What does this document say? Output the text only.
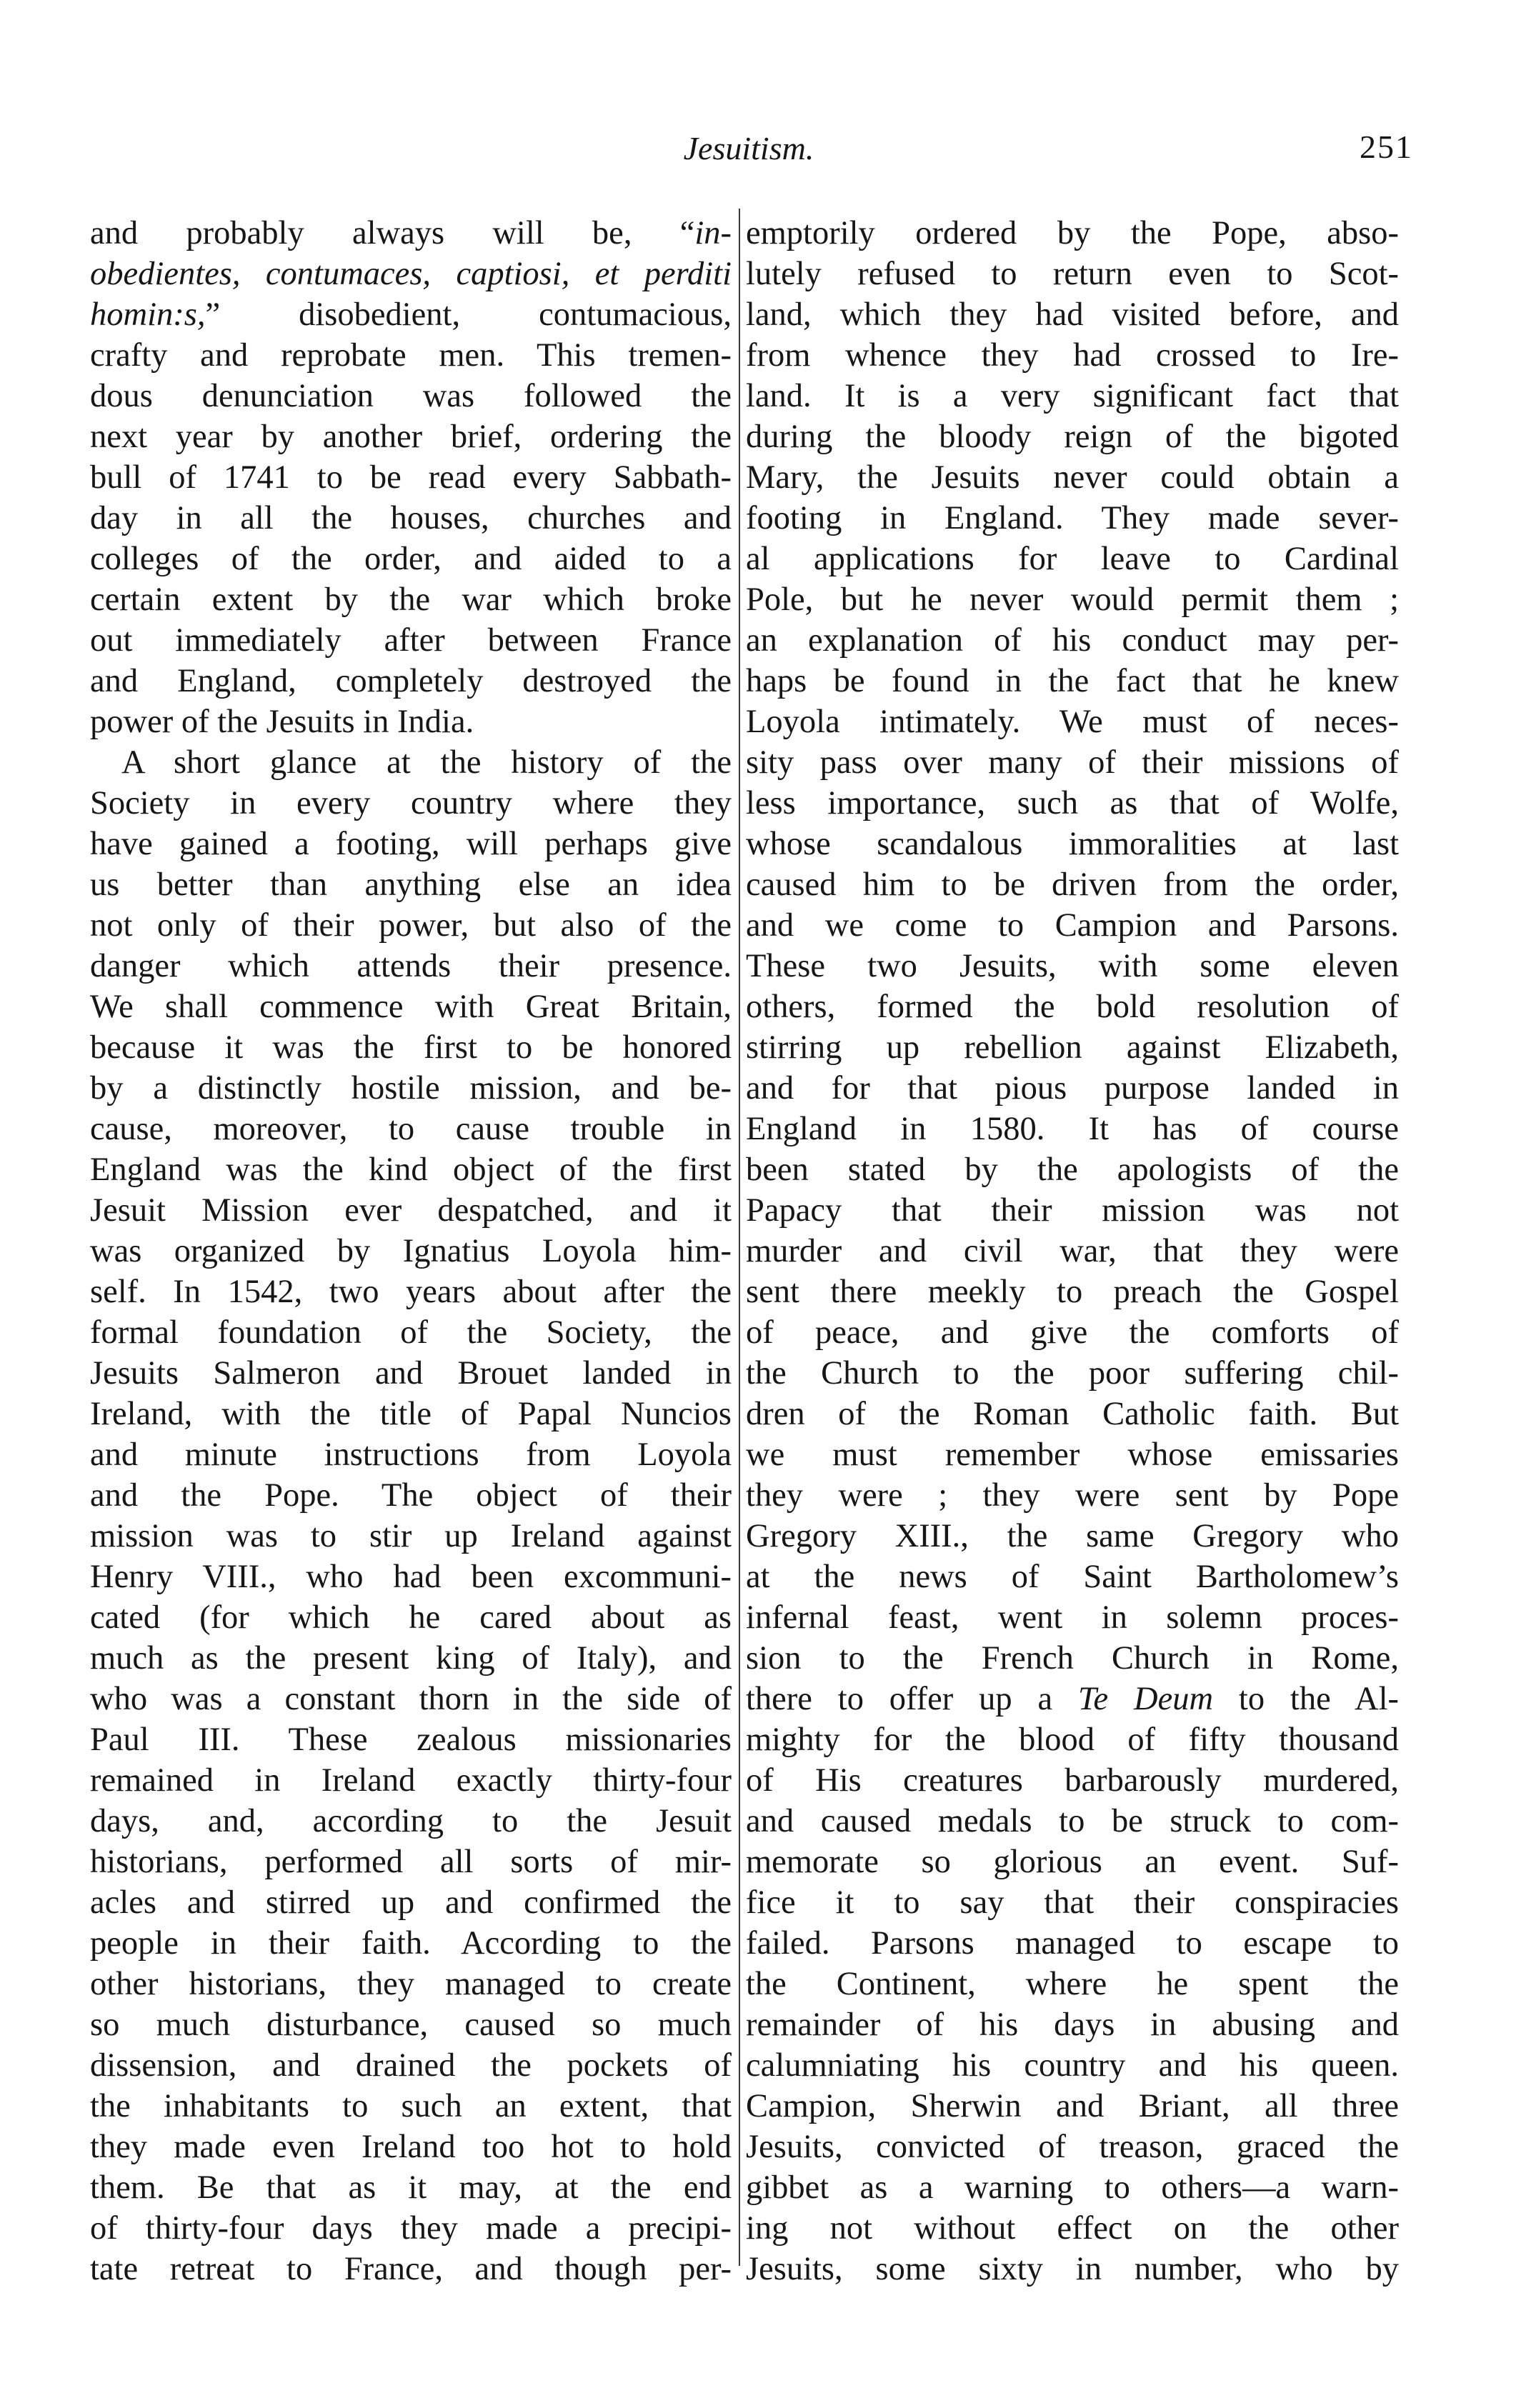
Jesuitism.	251
and probably always will be, “in-
obedientes, contumaces, captiosi, et perditi
homin:s,” disobedient, contumacious,
crafty and reprobate men. This tremen-
dous denunciation was followed the
next year by another brief, ordering the
bull of 1741 to be read every Sabbath-
day in all the houses, churches and
colleges of the order, and aided to a
certain extent by the war which broke
out immediately after between France
and England, completely destroyed the
power of the Jesuits in India.
A short glance at the history of the
Society in every country where they
have gained a footing, will perhaps give
us better than anything else an idea
not only of their power, but also of the
danger which attends their presence.
We shall commence with Great Britain,
because it was the first to be honored
by a distinctly hostile mission, and be-
cause, moreover, to cause trouble in
England was the kind object of the first
Jesuit Mission ever despatched, and it
was organized by Ignatius Loyola him-
self. In 1542, two years about after the
formal foundation of the Society, the
Jesuits Salmeron and Brouet landed in
Ireland, with the title of Papal Nuncios
and minute instructions from Loyola
and the Pope. The object of their
mission was to stir up Ireland against
Henry VIII., who had been excommuni-
cated (for which he cared about as
much as the present king of Italy), and
who was a constant thorn in the side of
Paul III. These zealous missionaries
remained in Ireland exactly thirty-four
days, and, according to the Jesuit
historians, performed all sorts of mir-
acles and stirred up and confirmed the
people in their faith. According to the
other historians, they managed to create
so much disturbance, caused so much
dissension, and drained the pockets of
the inhabitants to such an extent, that
they made even Ireland too hot to hold
them. Be that as it may, at the end
of thirty-four days they made a precipi-
tate retreat to France, and though per-
emptorily ordered by the Pope, abso-
lutely refused to return even to Scot-
land, which they had visited before, and
from whence they had crossed to Ire-
land. It is a very significant fact that
during the bloody reign of the bigoted
Mary, the Jesuits never could obtain a
footing in England. They made sever-
al applications for leave to Cardinal
Pole, but he never would permit them ;
an explanation of his conduct may per-
haps be found in the fact that he knew
Loyola intimately. We must of neces-
sity pass over many of their missions of
less importance, such as that of Wolfe,
whose scandalous immoralities at last
caused him to be driven from the order,
and we come to Campion and Parsons.
These two Jesuits, with some eleven
others, formed the bold resolution of
stirring up rebellion against Elizabeth,
and for that pious purpose landed in
England in 1580. It has of course
been stated by the apologists of the
Papacy that their mission was not
murder and civil war, that they were
sent there meekly to preach the Gospel
of peace, and give the comforts of
the Church to the poor suffering chil-
dren of the Roman Catholic faith. But
we must remember whose emissaries
they were ; they were sent by Pope
Gregory XIII., the same Gregory who
at the news of Saint Bartholomew’s
infernal feast, went in solemn proces-
sion to the French Church in Rome,
there to offer up a Te Deum to the Al-
mighty for the blood of fifty thousand
of His creatures barbarously murdered,
and caused medals to be struck to com-
memorate so glorious an event. Suf-
fice it to say that their conspiracies
failed. Parsons managed to escape to
the Continent, where he spent the
remainder of his days in abusing and
calumniating his country and his queen.
Campion, Sherwin and Briant, all three
Jesuits, convicted of treason, graced the
gibbet as a warning to others—a warn-
ing not without effect on the other
Jesuits, some sixty in number, who by
